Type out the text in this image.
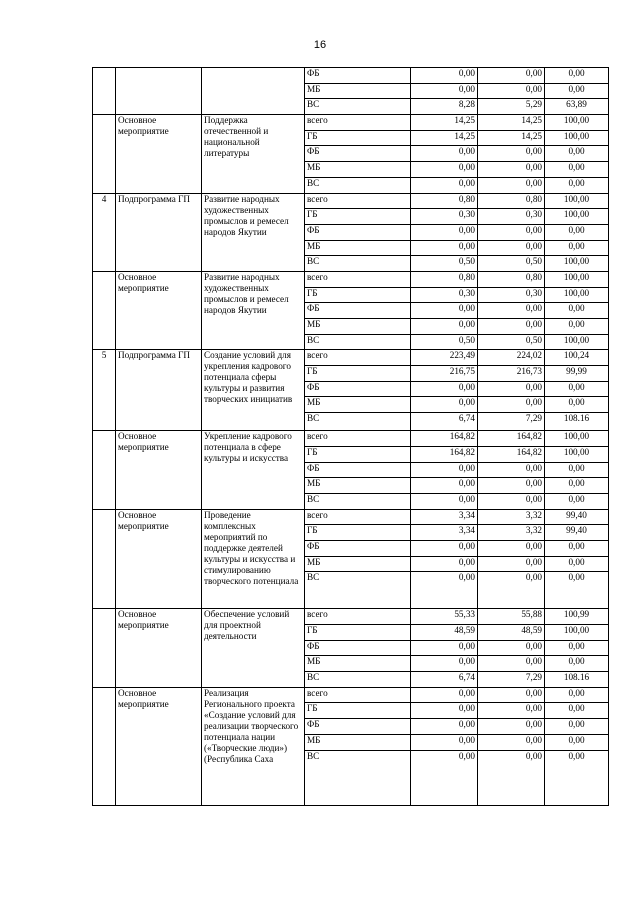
16
			ФБ	0,00	0,00	0,00
			МБ	0,00	0,00	0,00
			ВС	8,28	5,29	63,89
	Основное мероприятие	Поддержка отечественной и национальной литературы	всего	14,25	14,25	100,00
			ГБ	14,25	14,25	100,00
			ФБ	0,00	0,00	0,00
			МБ	0,00	0,00	0,00
			ВС	0,00	0,00	0,00
4	Подпрограмма ГП	Развитие народных художественных промыслов и ремесел народов Якутии	всего	0,80	0,80	100,00
			ГБ	0,30	0,30	100,00
			ФБ	0,00	0,00	0,00
			МБ	0,00	0,00	0,00
			ВС	0,50	0,50	100,00
	Основное мероприятие	Развитие народных художественных промыслов и ремесел народов Якутии	всего	0,80	0,80	100,00
			ГБ	0,30	0,30	100,00
			ФБ	0,00	0,00	0,00
			МБ	0,00	0,00	0,00
			ВС	0,50	0,50	100,00
5	Подпрограмма ГП	Создание условий для укрепления кадрового потенциала сферы культуры и развития творческих инициатив	всего	223,49	224,02	100,24
			ГБ	216,75	216,73	99,99
			ФБ	0,00	0,00	0,00
			МБ	0,00	0,00	0,00
			ВС	6,74	7,29	108.16
	Основное мероприятие	Укрепление кадрового потенциала в сфере культуры и искусства	всего	164,82	164,82	100,00
			ГБ	164,82	164,82	100,00
			ФБ	0,00	0,00	0,00
			МБ	0,00	0,00	0,00
			ВС	0,00	0,00	0,00
	Основное мероприятие	Проведение комплексных мероприятий по поддержке деятелей культуры и искусства и стимулированию творческого потенциала	всего	3,34	3,32	99,40
			ГБ	3,34	3,32	99,40
			ФБ	0,00	0,00	0,00
			МБ	0,00	0,00	0,00
			ВС	0,00	0,00	0,00
	Основное мероприятие	Обеспечение условий для проектной деятельности	всего	55,33	55,88	100,99
			ГБ	48,59	48,59	100,00
			ФБ	0,00	0,00	0,00
			МБ	0,00	0,00	0,00
			ВС	6,74	7,29	108.16
	Основное мероприятие	Реализация Регионального проекта «Создание условий для реализации творческого потенциала нации («Творческие люди») (Республика Саха	всего	0,00	0,00	0,00
			ГБ	0,00	0,00	0,00
			ФБ	0,00	0,00	0,00
			МБ	0,00	0,00	0,00
			ВС	0,00	0,00	0,00
